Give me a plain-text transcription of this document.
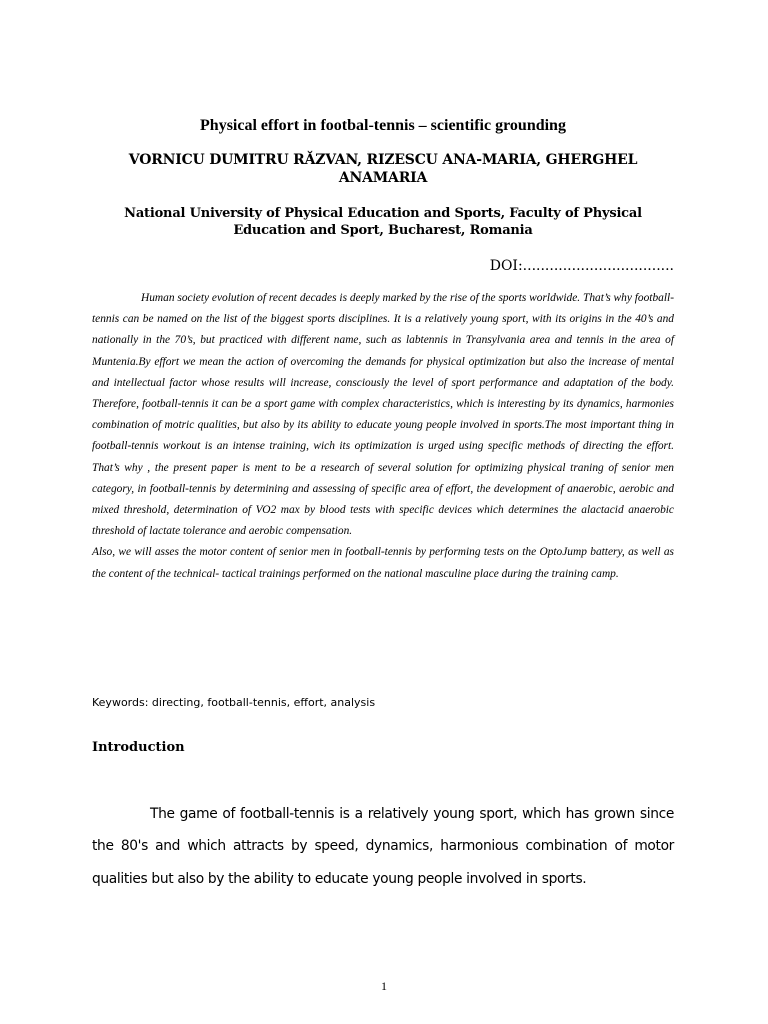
Physical effort in footbal-tennis – scientific grounding
VORNICU DUMITRU RĂZVAN, RIZESCU ANA-MARIA, GHERGHEL ANAMARIA
National University of Physical Education and Sports, Faculty of Physical Education and Sport, Bucharest, Romania
DOI:..................................

Human society evolution of recent decades is deeply marked by the rise of the sports worldwide. That’s why football-tennis can be named on the list of the biggest sports disciplines. It is a relatively young sport, with its origins in the 40’s and nationally in the 70’s, but practiced with different name, such as labtennis in Transylvania area and tennis in the area of Muntenia.By effort we mean the action of overcoming the demands for physical optimization but also the increase of mental and intellectual factor whose results will increase, consciously the level of sport performance and adaptation of the body. Therefore, football-tennis it can be a sport game with complex characteristics, which is interesting by its dynamics, harmonies combination of motric qualities, but also by its ability to educate young people involved in sports.The most important thing in football-tennis workout is an intense training, wich its optimization is urged using specific methods of directing the effort. That’s why , the present paper is ment to be a research of several solution for optimizing physical traning of senior men category, in football-tennis by determining and assessing of specific area of effort, the development of anaerobic, aerobic and mixed threshold, determination of VO2 max by blood tests with specific devices which determines the alactacid anaerobic threshold of lactate tolerance and aerobic compensation.

Also, we will asses the motor content of senior men in football-tennis by performing tests on the OptoJump battery, as well as the content of the technical- tactical trainings performed on the national masculine place during the training camp.

Keywords: directing, football-tennis, effort, analysis
Introduction

The game of football-tennis is a relatively young sport, which has grown since the 80's and which attracts by speed, dynamics, harmonious combination of motor qualities but also by the ability to educate young people involved in sports.

1
